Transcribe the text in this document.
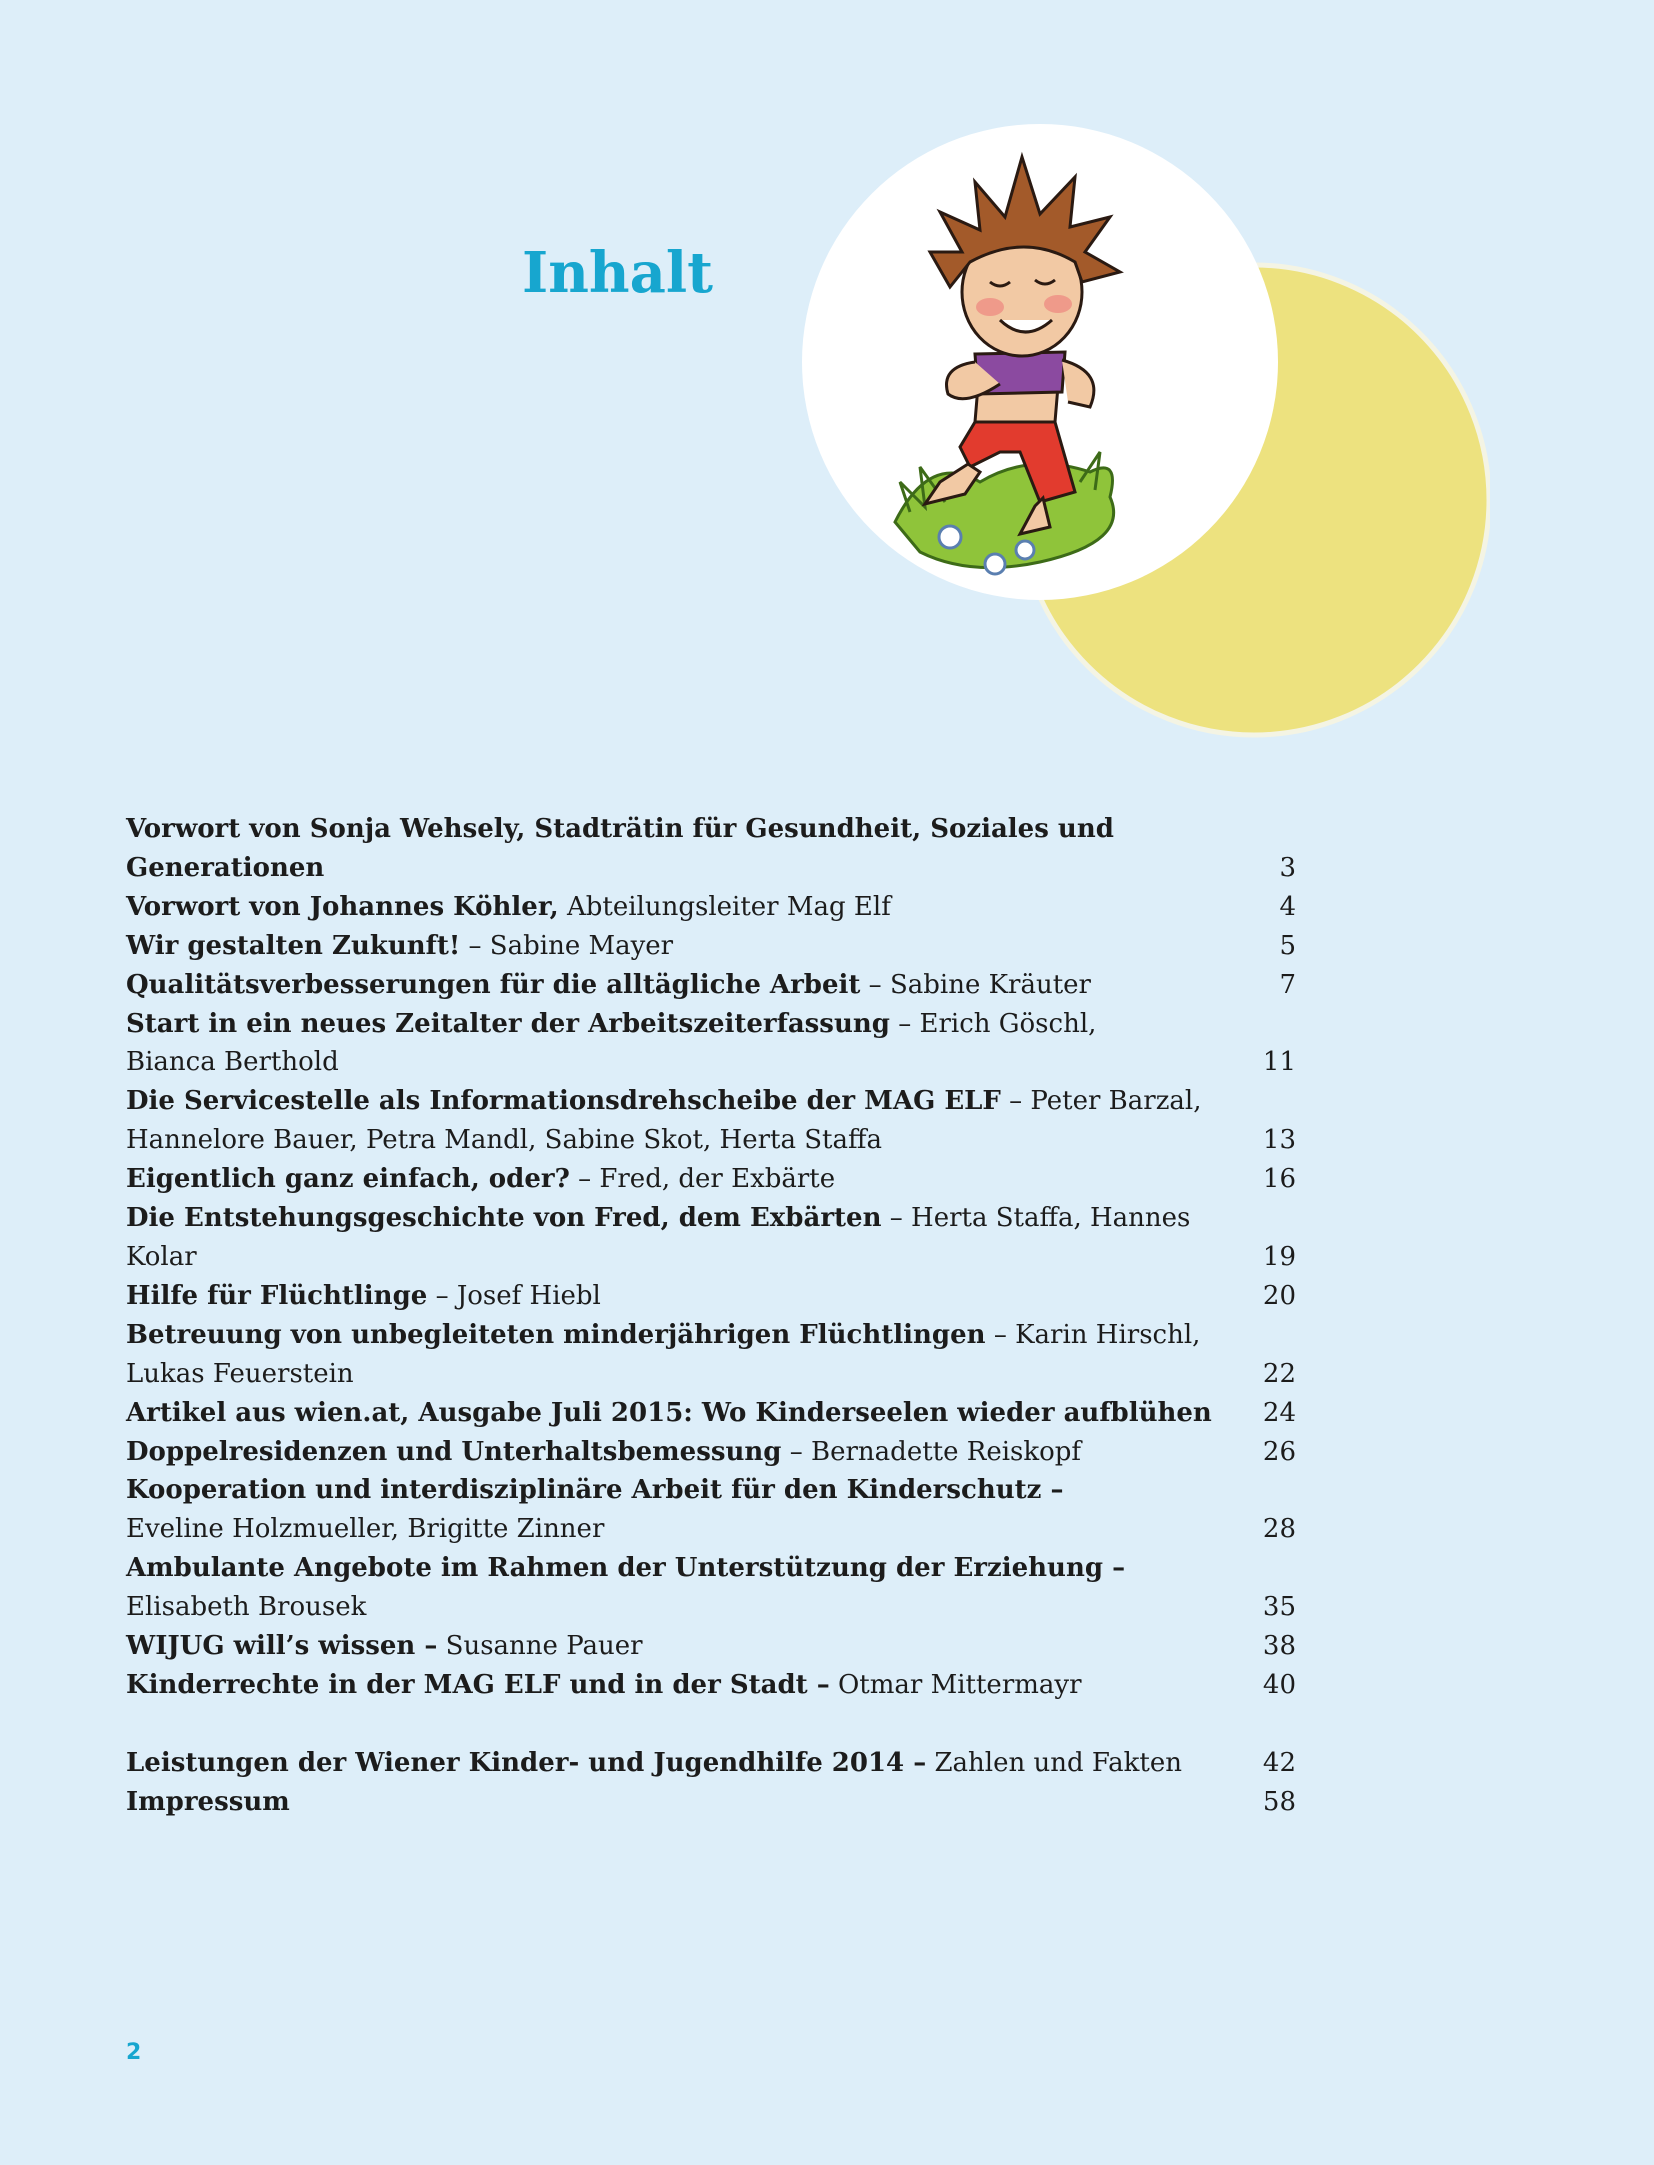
Inhalt
Vorwort von Sonja Wehsely, Stadträtin für Gesundheit, Soziales und Generationen	3
Vorwort von Johannes Köhler, Abteilungsleiter Mag Elf	4
Wir gestalten Zukunft! – Sabine Mayer	5
Qualitätsverbesserungen für die alltägliche Arbeit – Sabine Kräuter	7
Start in ein neues Zeitalter der Arbeitszeiterfassung – Erich Göschl,
Bianca Berthold	11
Die Servicestelle als Informationsdrehscheibe der MAG ELF – Peter Barzal,
Hannelore Bauer, Petra Mandl, Sabine Skot, Herta Staffa	13
Eigentlich ganz einfach, oder? – Fred, der Exbärte	16
Die Entstehungsgeschichte von Fred, dem Exbärten – Herta Staffa, Hannes Kolar	19
Hilfe für Flüchtlinge – Josef Hiebl	20
Betreuung von unbegleiteten minderjährigen Flüchtlingen – Karin Hirschl,
Lukas Feuerstein	22
Artikel aus wien.at, Ausgabe Juli 2015: Wo Kinderseelen wieder aufblühen	24
Doppelresidenzen und Unterhaltsbemessung – Bernadette Reiskopf	26
Kooperation und interdisziplinäre Arbeit für den Kinderschutz –
Eveline Holzmueller, Brigitte Zinner	28
Ambulante Angebote im Rahmen der Unterstützung der Erziehung –
Elisabeth Brousek	35
WIJUG will’s wissen – Susanne Pauer	38
Kinderrechte in der MAG ELF und in der Stadt – Otmar Mittermayr	40
Leistungen der Wiener Kinder- und Jugendhilfe 2014 – Zahlen und Fakten	42
Impressum	58
2
